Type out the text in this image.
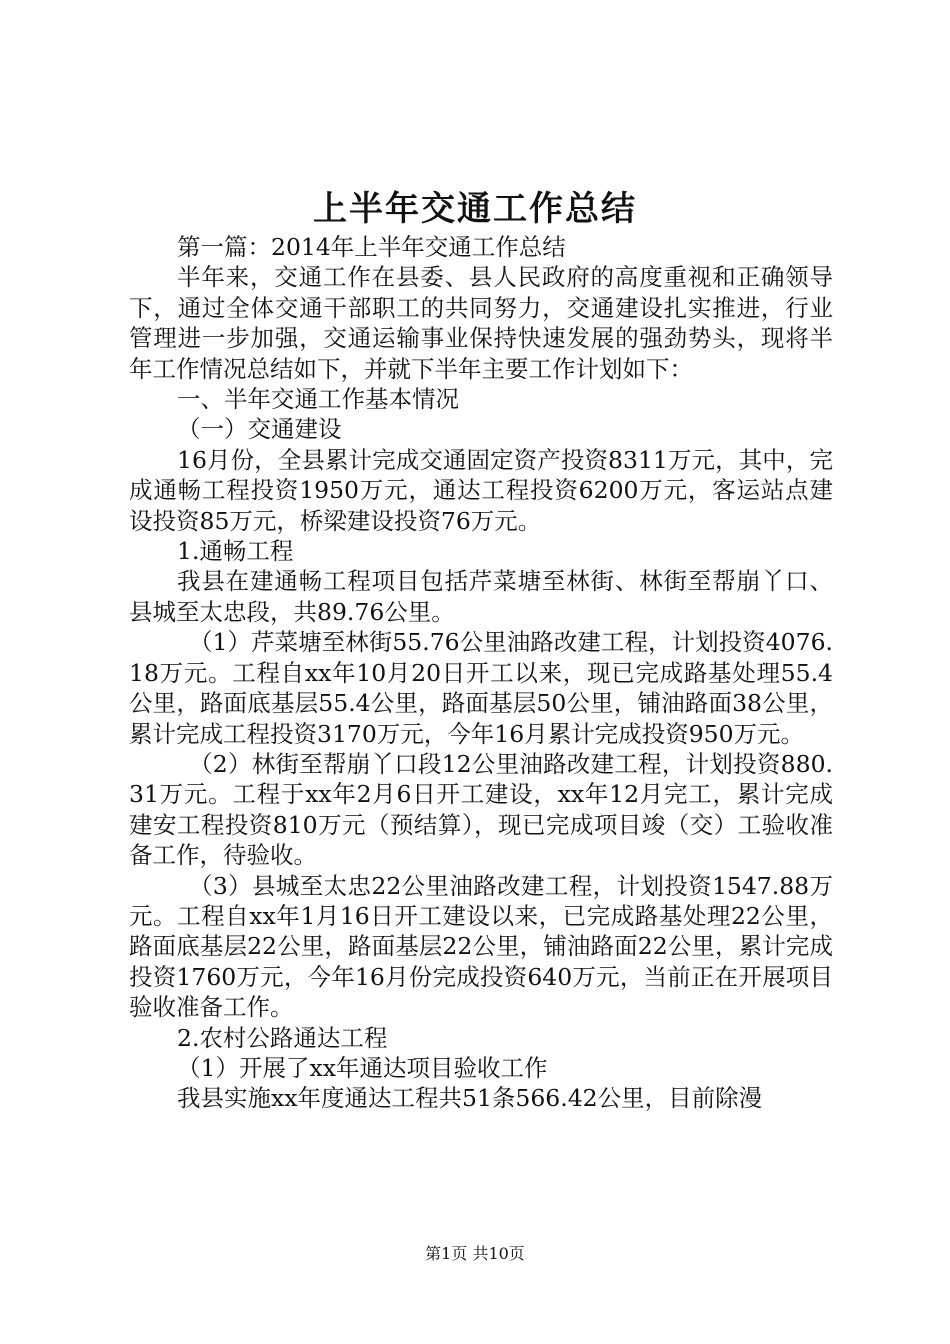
上半年交通工作总结

第一篇：2014年上半年交通工作总结

半年来，交通工作在县委、县人民政府的高度重视和正确领导下，通过全体交通干部职工的共同努力，交通建设扎实推进，行业管理进一步加强，交通运输事业保持快速发展的强劲势头，现将半年工作情况总结如下，并就下半年主要工作计划如下：

一、半年交通工作基本情况

（一）交通建设

16月份，全县累计完成交通固定资产投资8311万元，其中，完成通畅工程投资1950万元，通达工程投资6200万元，客运站点建设投资85万元，桥梁建设投资76万元。

1.通畅工程

我县在建通畅工程项目包括芹菜塘至林街、林街至帮崩丫口、县城至太忠段，共89.76公里。

（1）芹菜塘至林街55.76公里油路改建工程，计划投资4076.18万元。工程自xx年10月20日开工以来，现已完成路基处理55.4公里，路面底基层55.4公里，路面基层50公里，铺油路面38公里，累计完成工程投资3170万元，今年16月累计完成投资950万元。

（2）林街至帮崩丫口段12公里油路改建工程，计划投资880.31万元。工程于xx年2月6日开工建设，xx年12月完工，累计完成建安工程投资810万元（预结算），现已完成项目竣（交）工验收准备工作，待验收。

（3）县城至太忠22公里油路改建工程，计划投资1547.88万元。工程自xx年1月16日开工建设以来，已完成路基处理22公里，路面底基层22公里，路面基层22公里，铺油路面22公里，累计完成投资1760万元，今年16月份完成投资640万元，当前正在开展项目验收准备工作。

2.农村公路通达工程

（1）开展了xx年通达项目验收工作

我县实施xx年度通达工程共51条566.42公里，目前除漫

第1页 共10页
